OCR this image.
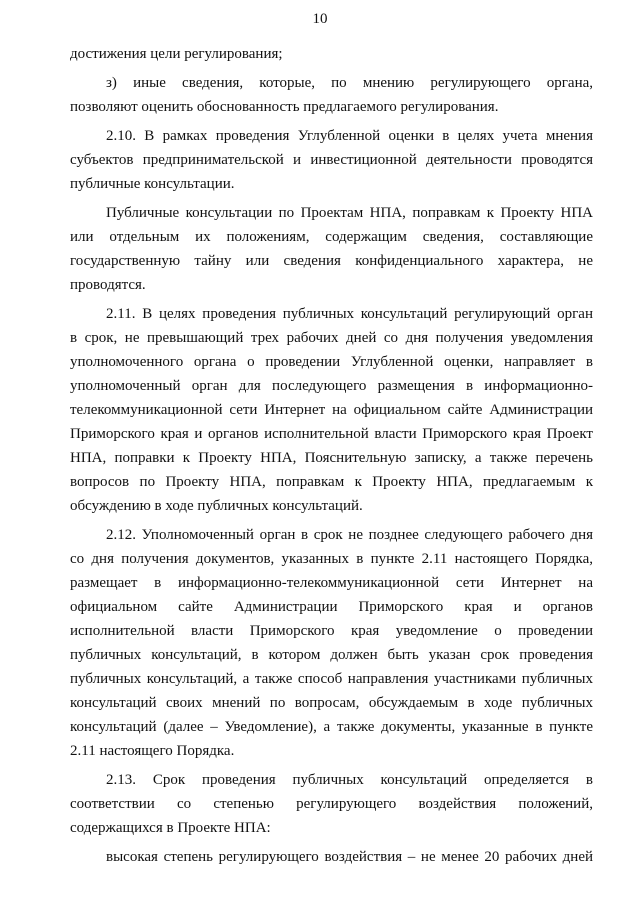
10
достижения цели регулирования;
з) иные сведения, которые, по мнению регулирующего органа,
позволяют оценить обоснованность предлагаемого регулирования.
2.10. В рамках проведения Углубленной оценки в целях учета мнения
субъектов предпринимательской и инвестиционной деятельности проводятся
публичные консультации.
Публичные консультации по Проектам НПА, поправкам к Проекту НПА
или отдельным их положениям, содержащим сведения, составляющие
государственную тайну или сведения конфиденциального характера, не
проводятся.
2.11. В целях проведения публичных консультаций регулирующий орган
в срок, не превышающий трех рабочих дней со дня получения уведомления
уполномоченного органа о проведении Углубленной оценки, направляет в
уполномоченный орган для последующего размещения в информационно-
телекоммуникационной сети Интернет на официальном сайте Администрации
Приморского края и органов исполнительной власти Приморского края Проект
НПА, поправки к Проекту НПА, Пояснительную записку, а также перечень
вопросов по Проекту НПА, поправкам к Проекту НПА, предлагаемым к
обсуждению в ходе публичных консультаций.
2.12. Уполномоченный орган в срок не позднее следующего рабочего дня
со дня получения документов, указанных в пункте 2.11 настоящего Порядка,
размещает в информационно-телекоммуникационной сети Интернет на
официальном сайте Администрации Приморского края и органов
исполнительной власти Приморского края уведомление о проведении
публичных консультаций, в котором должен быть указан срок проведения
публичных консультаций, а также способ направления участниками публичных
консультаций своих мнений по вопросам, обсуждаемым в ходе публичных
консультаций (далее – Уведомление), а также документы, указанные в пункте
2.11 настоящего Порядка.
2.13. Срок проведения публичных консультаций определяется в
соответствии со степенью регулирующего воздействия положений,
содержащихся в Проекте НПА:
высокая степень регулирующего воздействия – не менее 20 рабочих дней
